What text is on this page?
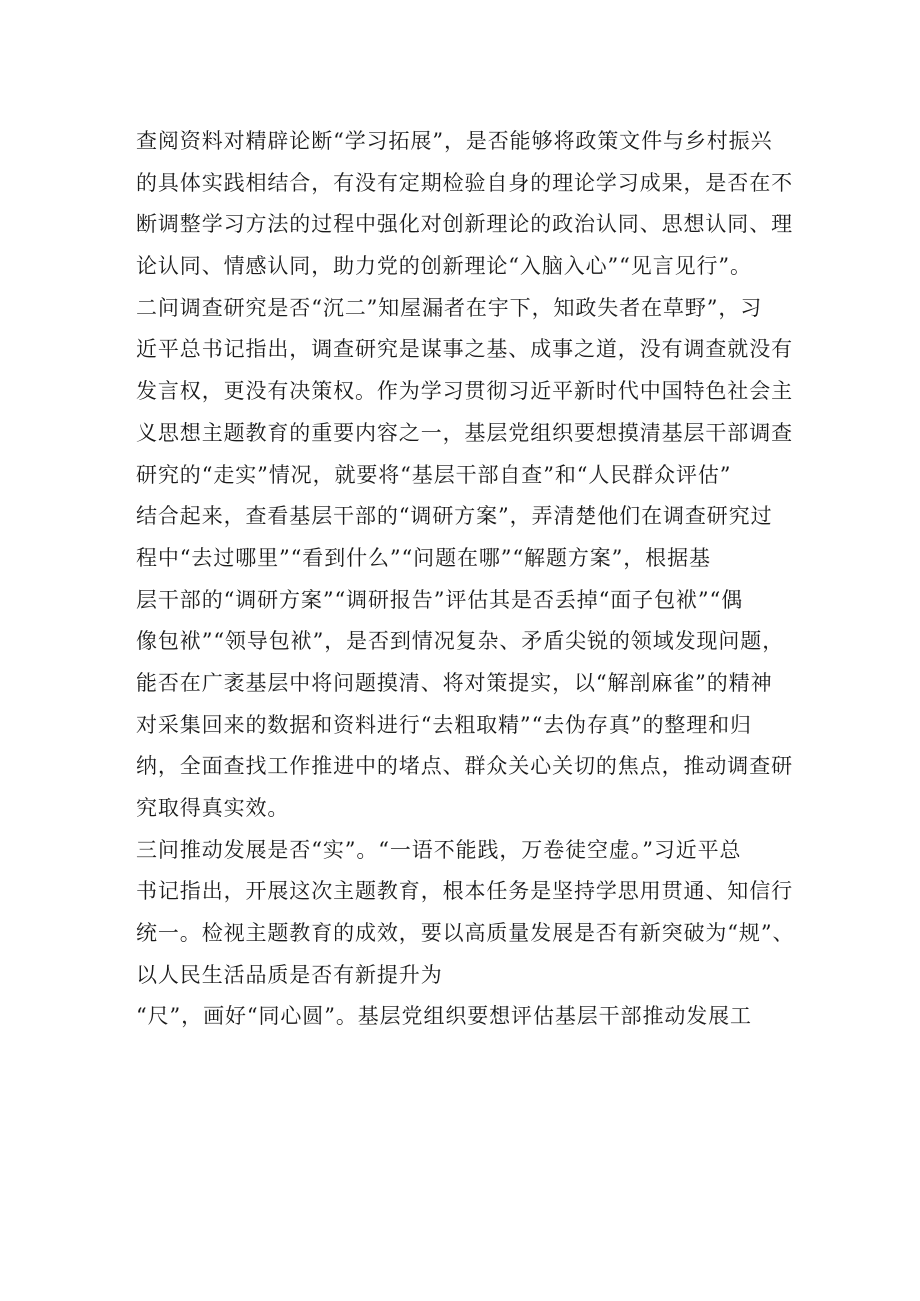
查阅资料对精辟论断“学习拓展”，是否能够将政策文件与乡村振兴
的具体实践相结合，有没有定期检验自身的理论学习成果，是否在不
断调整学习方法的过程中强化对创新理论的政治认同、思想认同、理
论认同、情感认同，助力党的创新理论“入脑入心”“见言见行”。
二问调查研究是否“沉二”知屋漏者在宇下，知政失者在草野”，习
近平总书记指出，调查研究是谋事之基、成事之道，没有调查就没有
发言权，更没有决策权。作为学习贯彻习近平新时代中国特色社会主
义思想主题教育的重要内容之一，基层党组织要想摸清基层干部调查
研究的“走实”情况，就要将“基层干部自查”和“人民群众评估”
结合起来，查看基层干部的“调研方案”，弄清楚他们在调查研究过
程中“去过哪里”“看到什么”“问题在哪”“解题方案”，根据基
层干部的“调研方案”“调研报告”评估其是否丢掉“面子包袱”“偶
像包袱”“领导包袱”，是否到情况复杂、矛盾尖锐的领域发现问题，
能否在广袤基层中将问题摸清、将对策提实，以“解剖麻雀”的精神
对采集回来的数据和资料进行“去粗取精”“去伪存真”的整理和归
纳，全面查找工作推进中的堵点、群众关心关切的焦点，推动调查研
究取得真实效。
三问推动发展是否“实”。“一语不能践，万卷徒空虚。”习近平总
书记指出，开展这次主题教育，根本任务是坚持学思用贯通、知信行
统一。检视主题教育的成效，要以高质量发展是否有新突破为“规”、
以人民生活品质是否有新提升为
“尺”，画好“同心圆”。基层党组织要想评估基层干部推动发展工
